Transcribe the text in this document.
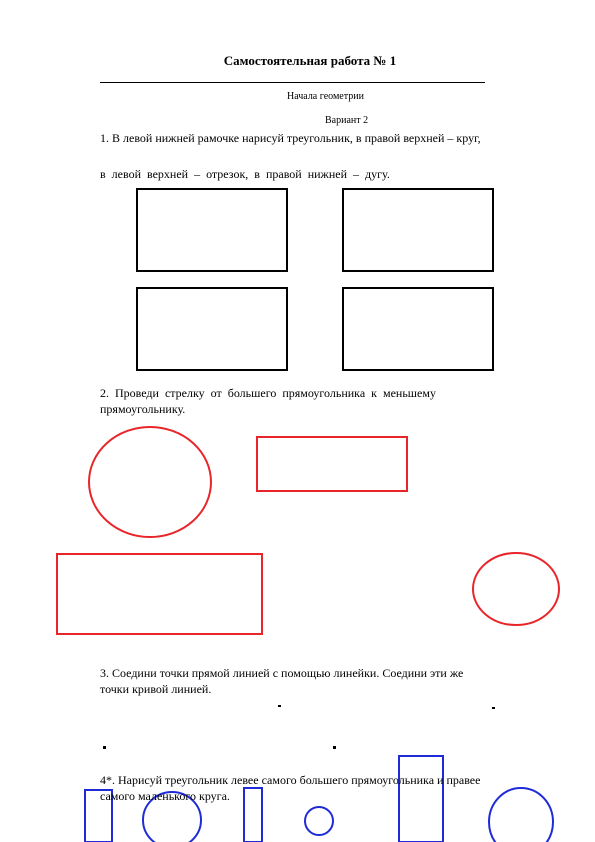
Самостоятельная работа № 1
Начала геометрии
Вариант 2
1. В левой нижней рамочке нарисуй треугольник, в правой верхней – круг,
в левой верхней – отрезок, в правой нижней – дугу.
2. Проведи стрелку от большего прямоугольника к меньшему
прямоугольнику.
3. Соедини точки прямой линией с помощью линейки. Соедини эти же
точки кривой линией.
4*. Нарисуй треугольник левее самого большего прямоугольника и правее
самого маленького круга.
